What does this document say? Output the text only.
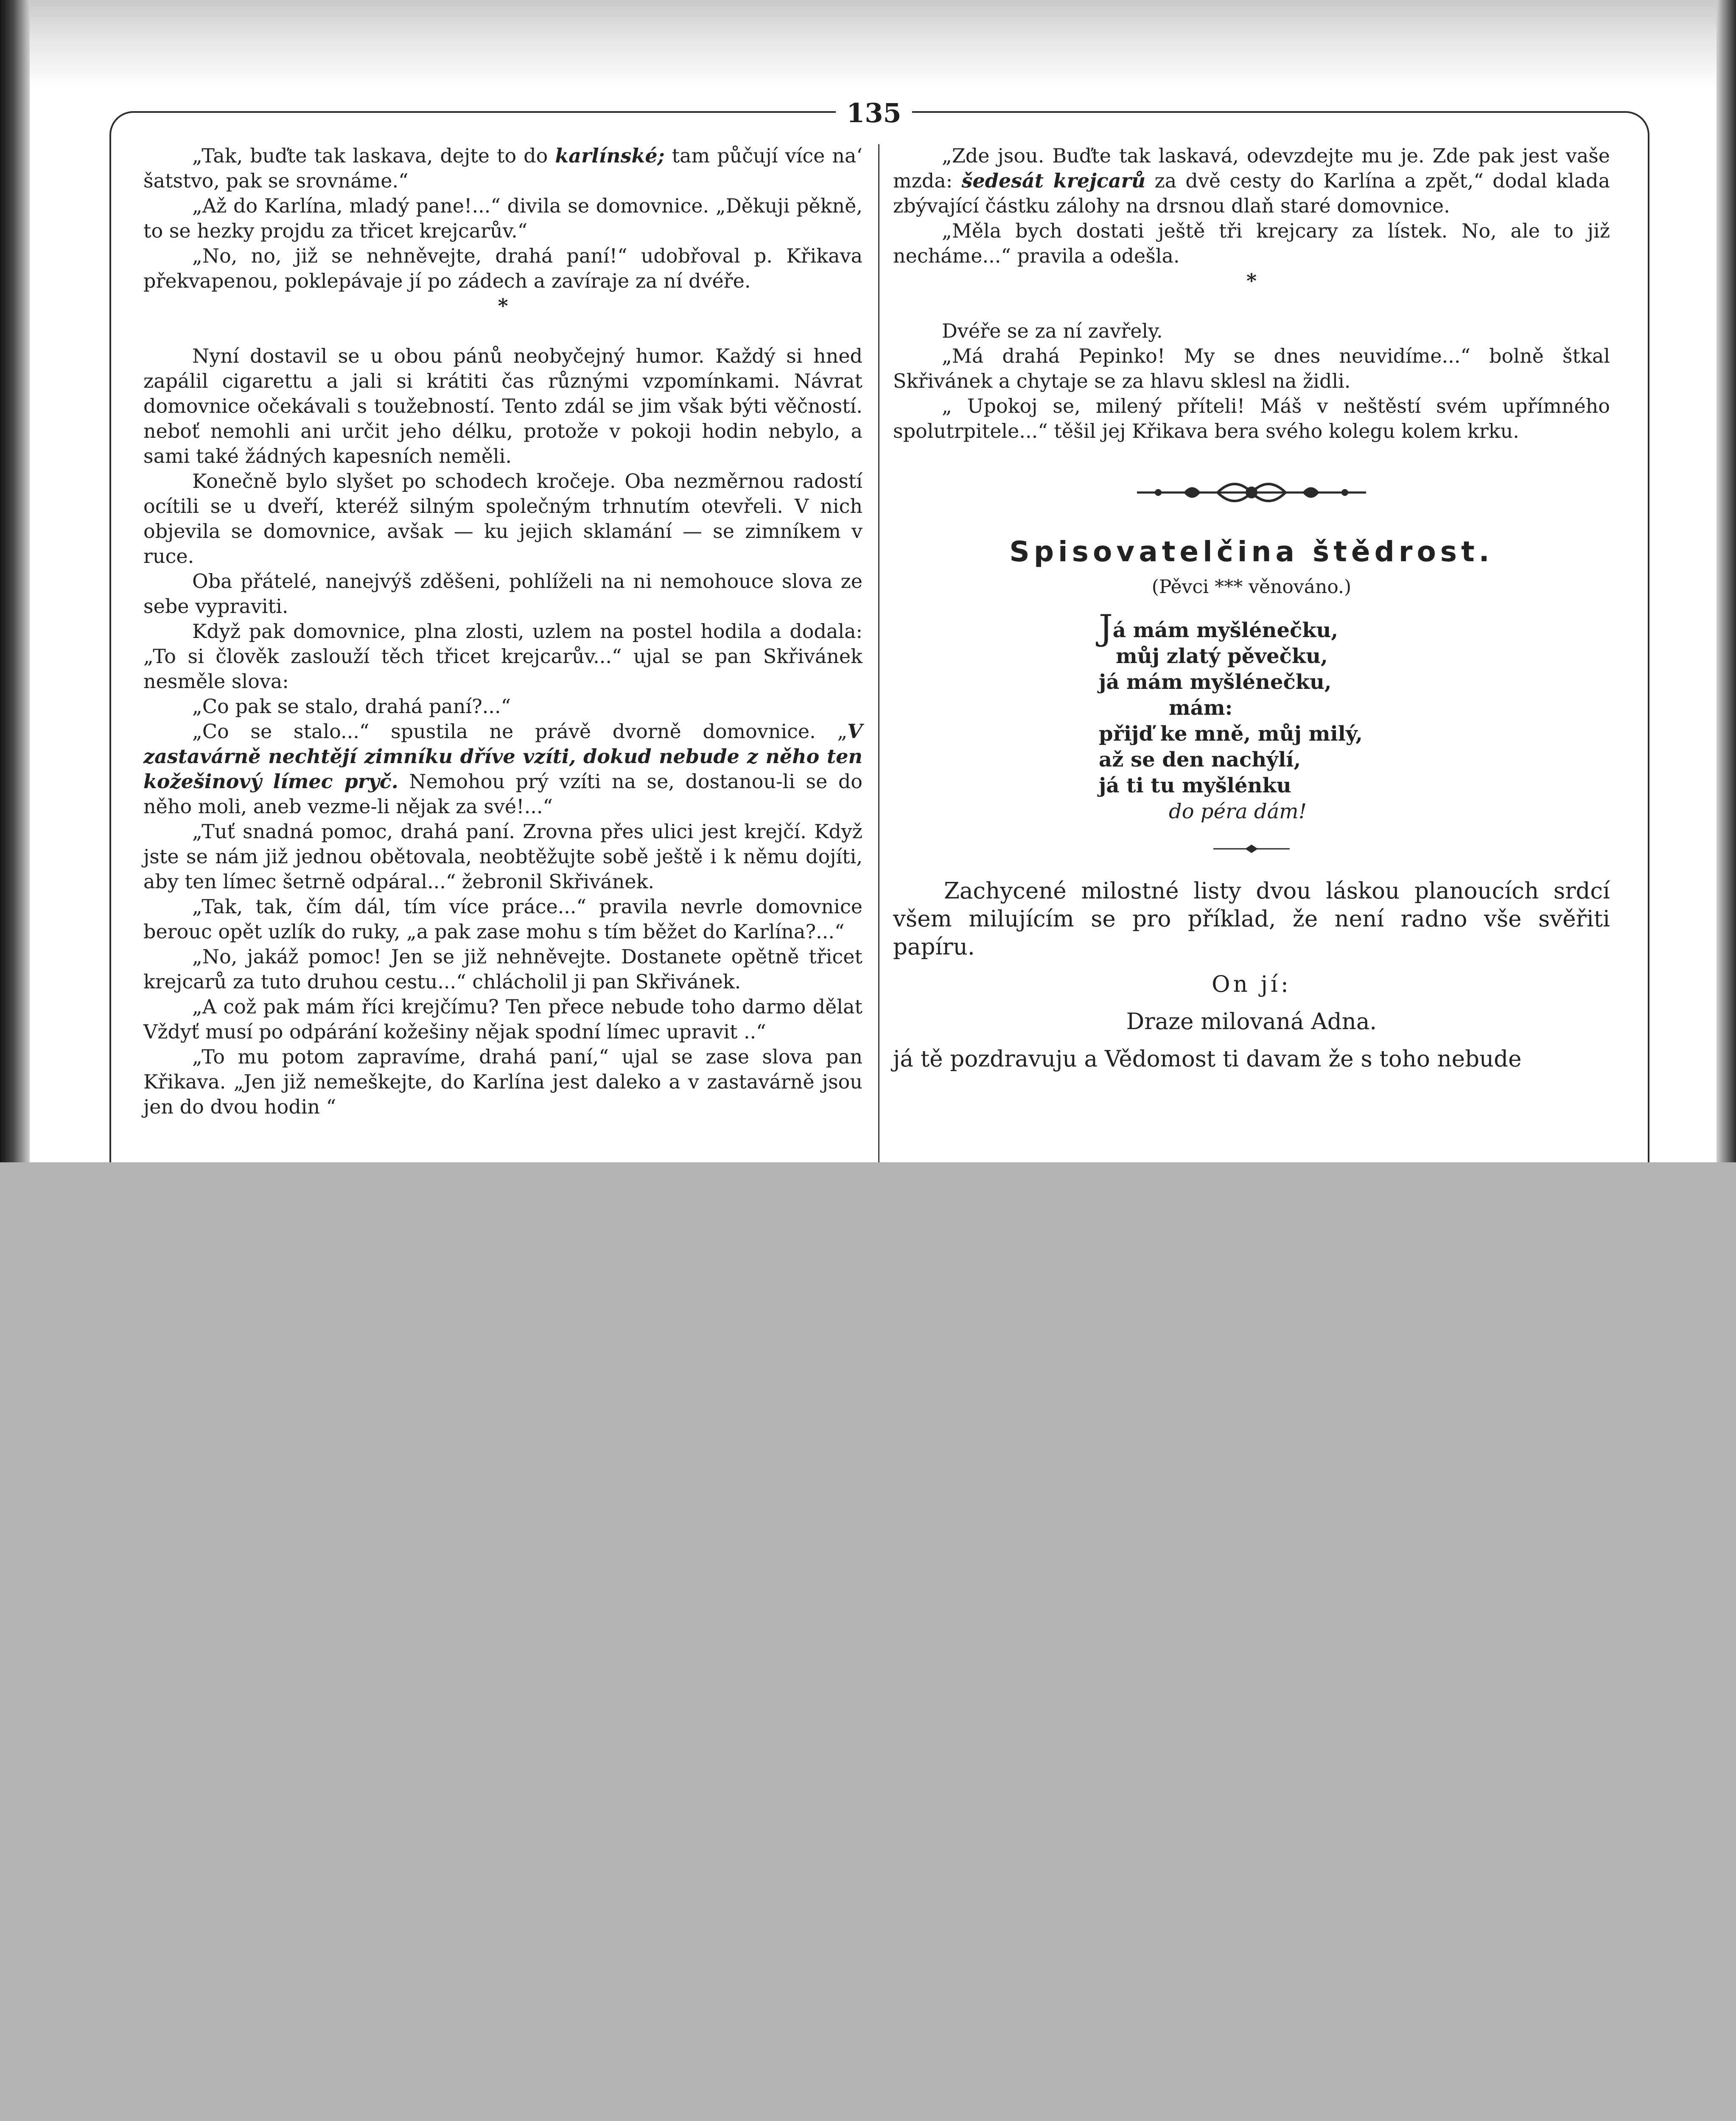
135

„Tak, buďte tak laskava, dejte to do karlínské; tam půčují více na‘ šatstvo, pak se srovnáme.“

„Až do Karlína, mladý pane!...“ divila se domovnice. „Děkuji pěkně, to se hezky projdu za třicet krejcarův.“

„No, no, již se nehněvejte, drahá paní!“ udobřoval p. Křikava překvapenou, poklepávaje jí po zádech a zavíraje za ní dvéře.

*

Nyní dostavil se u obou pánů neobyčejný humor. Každý si hned zapálil cigarettu a jali si krátiti čas různými vzpomínkami. Návrat domovnice očekávali s toužebností. Tento zdál se jim však býti věčností. neboť nemohli ani určit jeho délku, protože v pokoji hodin nebylo, a sami také žádných kapesních neměli.

Konečně bylo slyšet po schodech kročeje. Oba nezměrnou radostí ocítili se u dveří, kteréž silným společným trhnutím otevřeli. V nich objevila se domovnice, avšak — ku jejich sklamání — se zimníkem v ruce.

Oba přátelé, nanejvýš zděšeni, pohlíželi na ni nemohouce slova ze sebe vypraviti.

Když pak domovnice, plna zlosti, uzlem na postel hodila a dodala: „To si člověk zaslouží těch třicet krejcarův...“ ujal se pan Skřivánek nesměle slova:

„Co pak se stalo, drahá paní?...“

„Co se stalo...“ spustila ne právě dvorně domovnice. „V zastavárně nechtějí zimníku dříve vzíti, dokud nebude z něho ten kožešinový límec pryč. Nemohou prý vzíti na se, dostanou-li se do něho moli, aneb vezme-li nějak za své!...“

„Tuť snadná pomoc, drahá paní. Zrovna přes ulici jest krejčí. Když jste se nám již jednou obětovala, neobtěžujte sobě ještě i k němu dojíti, aby ten límec šetrně odpáral...“ žebronil Skřivánek.

„Tak, tak, čím dál, tím více práce...“ pravila nevrle domovnice berouc opět uzlík do ruky, „a pak zase mohu s tím běžet do Karlína?...“

„No, jakáž pomoc! Jen se již nehněvejte. Dostanete opětně třicet krejcarů za tuto druhou cestu...“ chlácholil ji pan Skřivánek.

„A což pak mám říci krejčímu? Ten přece nebude toho darmo dělat Vždyť musí po odpárání kožešiny nějak spodní límec upravit ..“

„To mu potom zapravíme, drahá paní,“ ujal se zase slova pan Křikava. „Jen již nemeškejte, do Karlína jest daleko a v zastavárně jsou jen do dvou hodin “

„Zde jsou. Buďte tak laskavá, odevzdejte mu je. Zde pak jest vaše mzda: šedesát krejcarů za dvě cesty do Karlína a zpět,“ dodal klada zbývající částku zálohy na drsnou dlaň staré domovnice.

„Měla bych dostati ještě tři krejcary za lístek. No, ale to již necháme...“ pravila a odešla.

*

Dvéře se za ní zavřely.

„Má drahá Pepinko! My se dnes neuvidíme...“ bolně štkal Skřivánek a chytaje se za hlavu sklesl na židli.

„ Upokoj se, milený příteli! Máš v neštěstí svém upřímného spolutrpitele...“ těšil jej Křikava bera svého kolegu kolem krku.

Spisovatelčina štědrost.

(Pěvci *** věnováno.)

Já mám myšlénečku,
můj zlatý pěvečku,
já mám myšlénečku,
mám:
přijď ke mně, můj milý,
až se den nachýlí,
já ti tu myšlénku
do péra dám!

Zachycené milostné listy dvou láskou planoucích srdcí všem milujícím se pro příklad, že není radno vše svěřiti papíru.

On jí:

Draze milovaná Adna.

já tě pozdravuju a Vědomost ti davam že s toho nebude
